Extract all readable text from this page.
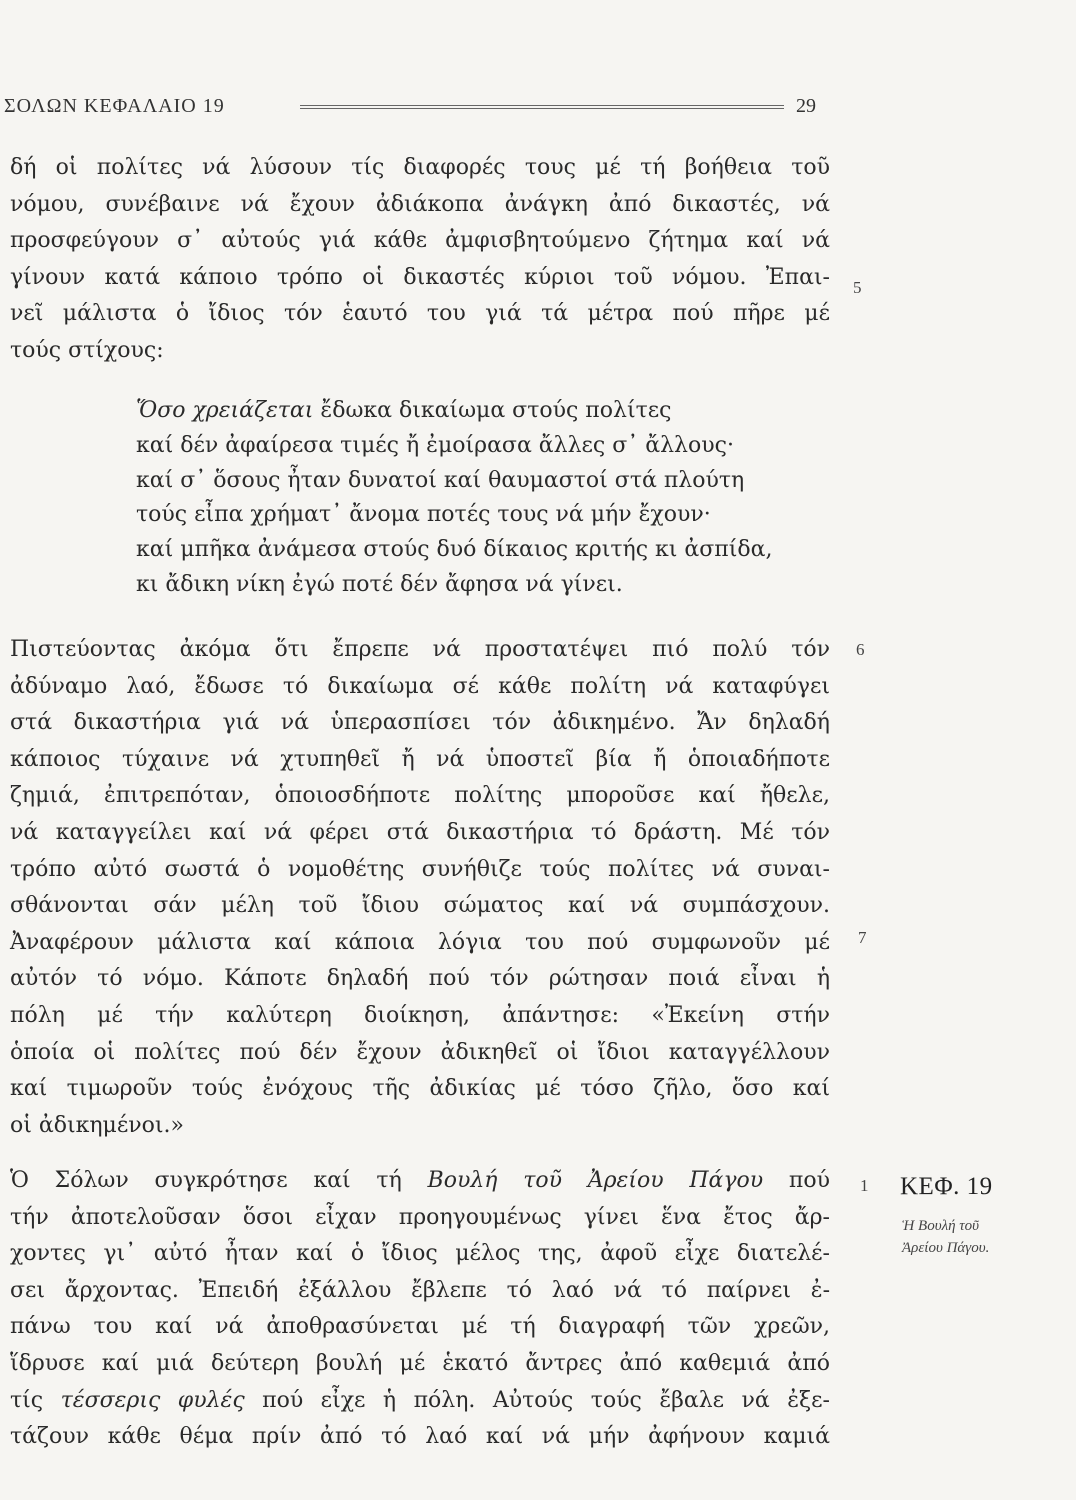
ΣΟΛΩΝ ΚΕΦΑΛΑΙΟ 19	29
δή οἱ πολίτες νά λύσουν τίς διαφορές τους μέ τή βοήθεια τοῦ
νόμου, συνέβαινε νά ἔχουν ἀδιάκοπα ἀνάγκη ἀπό δικαστές, νά
προσφεύγουν σ᾽ αὐτούς γιά κάθε ἀμφισβητούμενο ζήτημα καί νά
γίνουν κατά κάποιο τρόπο οἱ δικαστές κύριοι τοῦ νόμου. Ἐπαι-
νεῖ μάλιστα ὁ ἴδιος τόν ἑαυτό του γιά τά μέτρα πού πῆρε μέ
τούς στίχους:
Ὅσο χρειάζεται ἔδωκα δικαίωμα στούς πολίτες
καί δέν ἀφαίρεσα τιμές ἤ ἐμοίρασα ἄλλες σ᾽ ἄλλους·
καί σ᾽ ὅσους ἦταν δυνατοί καί θαυμαστοί στά πλούτη
τούς εἶπα χρήματ᾽ ἄνομα ποτές τους νά μήν ἔχουν·
καί μπῆκα ἀνάμεσα στούς δυό δίκαιος κριτής κι ἀσπίδα,
κι ἄδικη νίκη ἐγώ ποτέ δέν ἄφησα νά γίνει.
Πιστεύοντας ἀκόμα ὅτι ἔπρεπε νά προστατέψει πιό πολύ τόν
ἀδύναμο λαό, ἔδωσε τό δικαίωμα σέ κάθε πολίτη νά καταφύγει
στά δικαστήρια γιά νά ὑπερασπίσει τόν ἀδικημένο. Ἄν δηλαδή
κάποιος τύχαινε νά χτυπηθεῖ ἤ νά ὑποστεῖ βία ἤ ὁποιαδήποτε
ζημιά, ἐπιτρεπόταν, ὁποιοσδήποτε πολίτης μποροῦσε καί ἤθελε,
νά καταγγείλει καί νά φέρει στά δικαστήρια τό δράστη. Μέ τόν
τρόπο αὐτό σωστά ὁ νομοθέτης συνήθιζε τούς πολίτες νά συναι-
σθάνονται σάν μέλη τοῦ ἴδιου σώματος καί νά συμπάσχουν.
Ἀναφέρουν μάλιστα καί κάποια λόγια του πού συμφωνοῦν μέ
αὐτόν τό νόμο. Κάποτε δηλαδή πού τόν ρώτησαν ποιά εἶναι ἡ
πόλη μέ τήν καλύτερη διοίκηση, ἀπάντησε: «Ἐκείνη στήν
ὁποία οἱ πολίτες πού δέν ἔχουν ἀδικηθεῖ οἱ ἴδιοι καταγγέλλουν
καί τιμωροῦν τούς ἐνόχους τῆς ἀδικίας μέ τόσο ζῆλο, ὅσο καί
οἱ ἀδικημένοι.»
Ὁ Σόλων συγκρότησε καί τή Βουλή τοῦ Ἀρείου Πάγου πού
τήν ἀποτελοῦσαν ὅσοι εἶχαν προηγουμένως γίνει ἕνα ἔτος ἄρ-
χοντες γι᾽ αὐτό ἦταν καί ὁ ἴδιος μέλος της, ἀφοῦ εἶχε διατελέ-
σει ἄρχοντας. Ἐπειδή ἐξάλλου ἔβλεπε τό λαό νά τό παίρνει ἐ-
πάνω του καί νά ἀποθρασύνεται μέ τή διαγραφή τῶν χρεῶν,
ἵδρυσε καί μιά δεύτερη βουλή μέ ἑκατό ἄντρες ἀπό καθεμιά ἀπό
τίς τέσσερις φυλές πού εἶχε ἡ πόλη. Αὐτούς τούς ἔβαλε νά ἐξε-
τάζουν κάθε θέμα πρίν ἀπό τό λαό καί νά μήν ἀφήνουν καμιά
5
6
7
1 ΚΕΦ. 19
Ἡ Βουλή τοῦ
Ἀρείου Πάγου.
